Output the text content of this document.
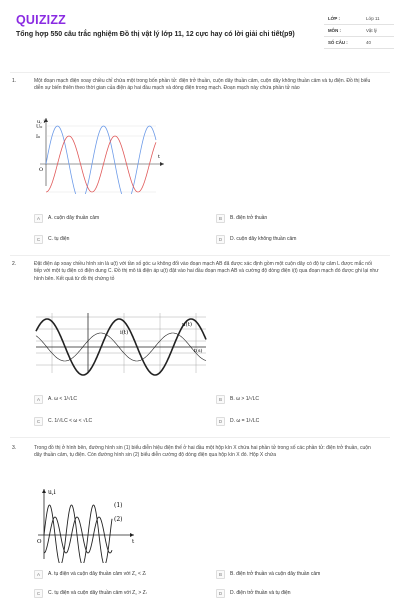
QUIZIZZ
Tổng hợp 550 câu trắc nghiệm Đồ thị vật lý lớp 11, 12 cực hay có lời giải chi tiết(p9)
LỚP :	Lớp 11
MÔN :	Vật lý
SỐ CÂU :	40
1.	Một đoạn mạch điện xoay chiều chỉ chứa một trong bốn phần tử: điện trở thuần, cuộn dây thuần cảm, cuộn dây không thuần cảm và tụ điện. Đồ thị biểu diễn sự biến thiên theo thời gian của điện áp hai đầu mạch và dòng điện trong mạch. Đoạn mạch này chứa phần tử nào
u, i
U₀
I₀
O
t
A	A. cuộn dây thuần cảm	B	B. điện trở thuần
C	C. tụ điện	D	D. cuộn dây không thuần cảm
2.	Đặt điện áp xoay chiều hình sin là u(t) với tần số góc ω không đổi vào đoạn mạch AB đã được xác định gồm một cuộn dây có độ tự cảm L được mắc nối tiếp với một tụ điện có điện dung C. Đồ thị mô tả điện áp u(t) đặt vào hai đầu đoạn mạch AB và cường độ dòng điện i(t) qua đoạn mạch đó được ghi lại như hình bên. Kết quả từ đồ thị chứng tỏ
i(t)
u(t)
t(s)
A	A. ω < 1/√LC	B	B. ω > 1/√LC
C	C. 1/√LC < ω < √LC	D	D. ω = 1/√LC
3.	Trong đồ thị ở hình bên, đường hình sin (1) biểu diễn hiệu điện thế ở hai đầu một hộp kín X chứa hai phần tử trong số các phần tử: điện trở thuần, cuộn dây thuần cảm, tụ điện. Còn đường hình sin (2) biểu diễn cường độ dòng điện qua hộp kín X đó. Hộp X chứa
u,i
O	t
(1)
(2)
A	A. tụ điện và cuộn dây thuần cảm với Z꜀ < Zₗ	B	B. điện trở thuần và cuộn dây thuần cảm
C	C. tụ điện và cuộn dây thuần cảm với Z꜀ > Zₗ	D	D. điện trở thuần và tụ điện
